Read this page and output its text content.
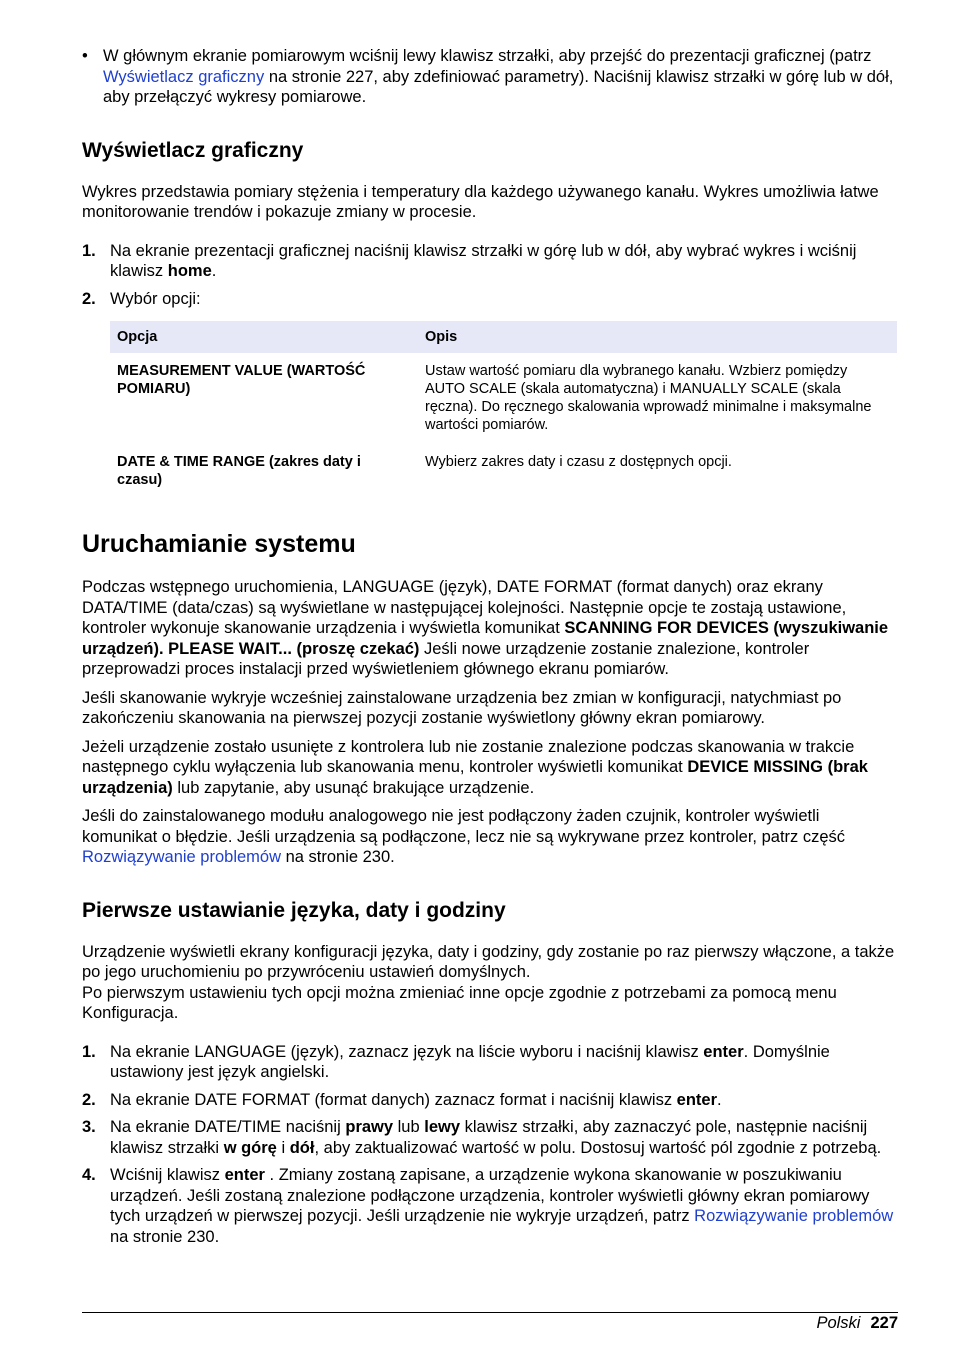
• W głównym ekranie pomiarowym wciśnij lewy klawisz strzałki, aby przejść do prezentacji graficznej (patrz Wyświetlacz graficzny na stronie 227, aby zdefiniować parametry). Naciśnij klawisz strzałki w górę lub w dół, aby przełączyć wykresy pomiarowe.
Wyświetlacz graficzny

Wykres przedstawia pomiary stężenia i temperatury dla każdego używanego kanału. Wykres umożliwia łatwe monitorowanie trendów i pokazuje zmiany w procesie.

1. Na ekranie prezentacji graficznej naciśnij klawisz strzałki w górę lub w dół, aby wybrać wykres i wciśnij klawisz home.
2. Wybór opcji:
Opcja	Opis
MEASUREMENT VALUE (WARTOŚĆ POMIARU)	Ustaw wartość pomiaru dla wybranego kanału. Wzbierz pomiędzy AUTO SCALE (skala automatyczna) i MANUALLY SCALE (skala ręczna). Do ręcznego skalowania wprowadź minimalne i maksymalne wartości pomiarów.
DATE & TIME RANGE (zakres daty i czasu)	Wybierz zakres daty i czasu z dostępnych opcji.
Uruchamianie systemu

Podczas wstępnego uruchomienia, LANGUAGE (język), DATE FORMAT (format danych) oraz ekrany DATA/TIME (data/czas) są wyświetlane w następującej kolejności. Następnie opcje te zostają ustawione, kontroler wykonuje skanowanie urządzenia i wyświetla komunikat SCANNING FOR DEVICES (wyszukiwanie urządzeń). PLEASE WAIT... (proszę czekać) Jeśli nowe urządzenie zostanie znalezione, kontroler przeprowadzi proces instalacji przed wyświetleniem głównego ekranu pomiarów.

Jeśli skanowanie wykryje wcześniej zainstalowane urządzenia bez zmian w konfiguracji, natychmiast po zakończeniu skanowania na pierwszej pozycji zostanie wyświetlony główny ekran pomiarowy.

Jeżeli urządzenie zostało usunięte z kontrolera lub nie zostanie znalezione podczas skanowania w trakcie następnego cyklu wyłączenia lub skanowania menu, kontroler wyświetli komunikat DEVICE MISSING (brak urządzenia) lub zapytanie, aby usunąć brakujące urządzenie.

Jeśli do zainstalowanego modułu analogowego nie jest podłączony żaden czujnik, kontroler wyświetli komunikat o błędzie. Jeśli urządzenia są podłączone, lecz nie są wykrywane przez kontroler, patrz część Rozwiązywanie problemów na stronie 230.

Pierwsze ustawianie języka, daty i godziny

Urządzenie wyświetli ekrany konfiguracji języka, daty i godziny, gdy zostanie po raz pierwszy włączone, a także po jego uruchomieniu po przywróceniu ustawień domyślnych.
Po pierwszym ustawieniu tych opcji można zmieniać inne opcje zgodnie z potrzebami za pomocą menu Konfiguracja.

1. Na ekranie LANGUAGE (język), zaznacz język na liście wyboru i naciśnij klawisz enter. Domyślnie ustawiony jest język angielski.
2. Na ekranie DATE FORMAT (format danych) zaznacz format i naciśnij klawisz enter.
3. Na ekranie DATE/TIME naciśnij prawy lub lewy klawisz strzałki, aby zaznaczyć pole, następnie naciśnij klawisz strzałki w górę i dół, aby zaktualizować wartość w polu. Dostosuj wartość pól zgodnie z potrzebą.
4. Wciśnij klawisz enter . Zmiany zostaną zapisane, a urządzenie wykona skanowanie w poszukiwaniu urządzeń. Jeśli zostaną znalezione podłączone urządzenia, kontroler wyświetli główny ekran pomiarowy tych urządzeń w pierwszej pozycji. Jeśli urządzenie nie wykryje urządzeń, patrz Rozwiązywanie problemów na stronie 230.
Polski 227
